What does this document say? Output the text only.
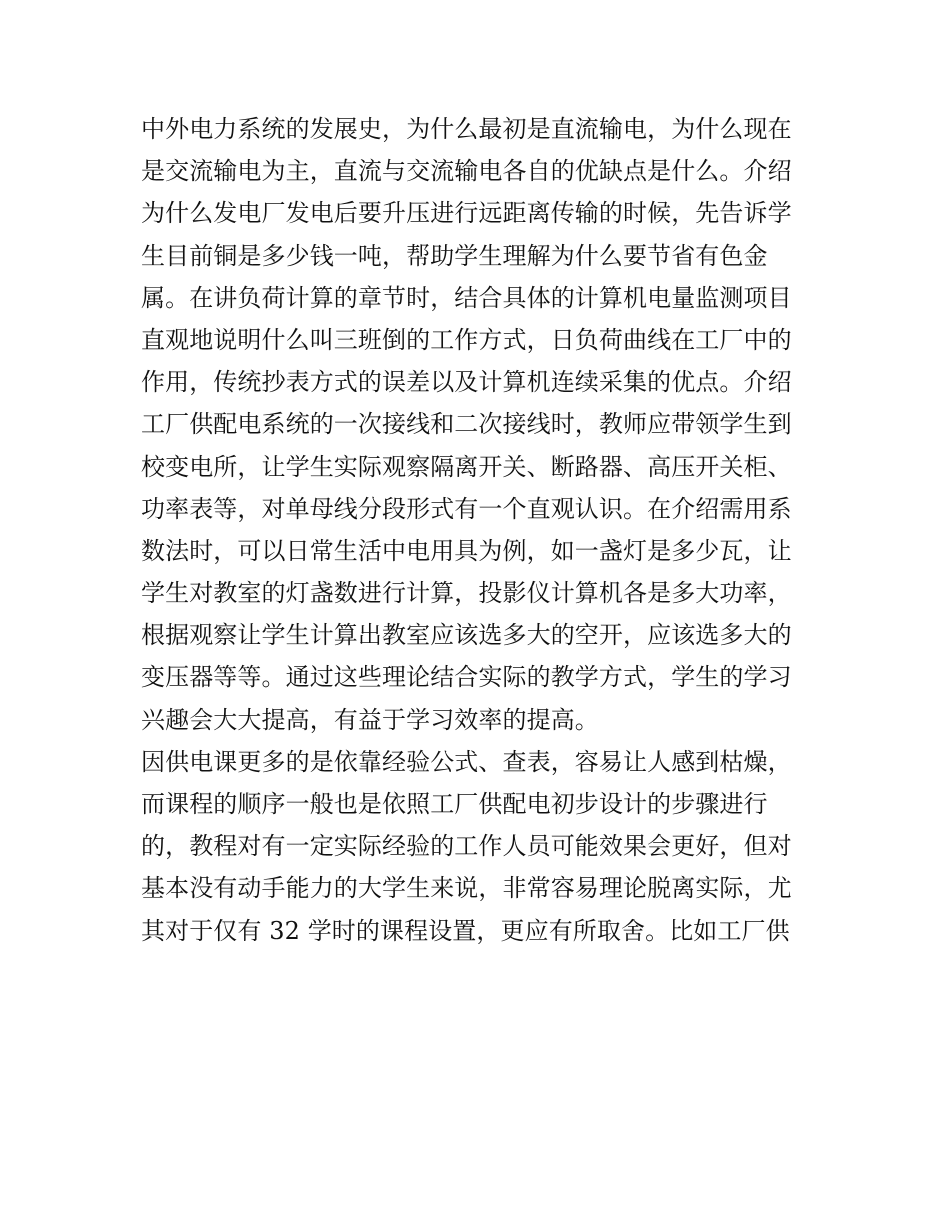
中外电力系统的发展史，为什么最初是直流输电，为什么现在
是交流输电为主，直流与交流输电各自的优缺点是什么。介绍
为什么发电厂发电后要升压进行远距离传输的时候，先告诉学
生目前铜是多少钱一吨，帮助学生理解为什么要节省有色金
属。在讲负荷计算的章节时，结合具体的计算机电量监测项目
直观地说明什么叫三班倒的工作方式，日负荷曲线在工厂中的
作用，传统抄表方式的误差以及计算机连续采集的优点。介绍
工厂供配电系统的一次接线和二次接线时，教师应带领学生到
校变电所，让学生实际观察隔离开关、断路器、高压开关柜、
功率表等，对单母线分段形式有一个直观认识。在介绍需用系
数法时，可以日常生活中电用具为例，如一盏灯是多少瓦，让
学生对教室的灯盏数进行计算，投影仪计算机各是多大功率，
根据观察让学生计算出教室应该选多大的空开，应该选多大的
变压器等等。通过这些理论结合实际的教学方式，学生的学习
兴趣会大大提高，有益于学习效率的提高。
因供电课更多的是依靠经验公式、查表，容易让人感到枯燥，
而课程的顺序一般也是依照工厂供配电初步设计的步骤进行
的，教程对有一定实际经验的工作人员可能效果会更好，但对
基本没有动手能力的大学生来说，非常容易理论脱离实际，尤
其对于仅有 32 学时的课程设置，更应有所取舍。比如工厂供
